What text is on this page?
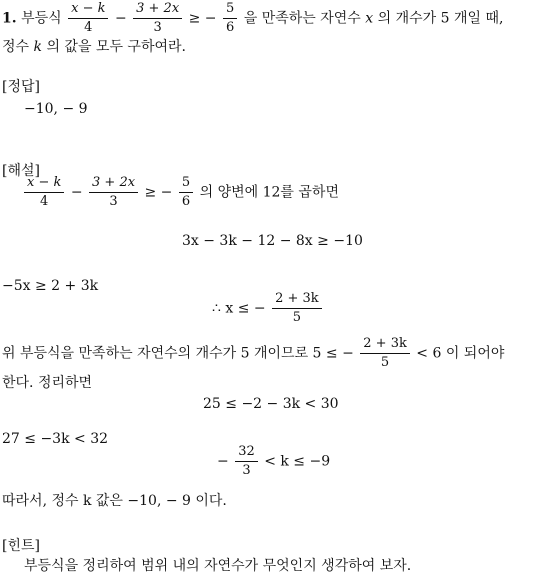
1. 부등식 $\frac{x - k}{4} - \frac{3 + 2x}{3}$ ≥ − $\frac{5}{6}$ 을 만족하는 자연수 x 의 개수가 5 개일 때,
정수 k 의 값을 모두 구하여라.
[정답]
−10, − 9
[해설]
$\frac{x - k}{4} - \frac{3 + 2x}{3}$ ≥ − $\frac{5}{6}$ 의 양변에 12를 곱하면
3x − 3k − 12 − 8x ≥ −10
−5x ≥ 2 + 3k
∴ x ≤ − $\frac{2 + 3k}{5}$
위 부등식을 만족하는 자연수의 개수가 5 개이므로 5 ≤ − $\frac{2 + 3k}{5} < 6$ 이 되어야
한다. 정리하면
25 ≤ −2 − 3k < 30
27 ≤ −3k < 32
− $\frac{32}{3} < k \le -9$
따라서, 정수 k 값은 −10, − 9 이다.
[힌트]
부등식을 정리하여 범위 내의 자연수가 무엇인지 생각하여 보자.
